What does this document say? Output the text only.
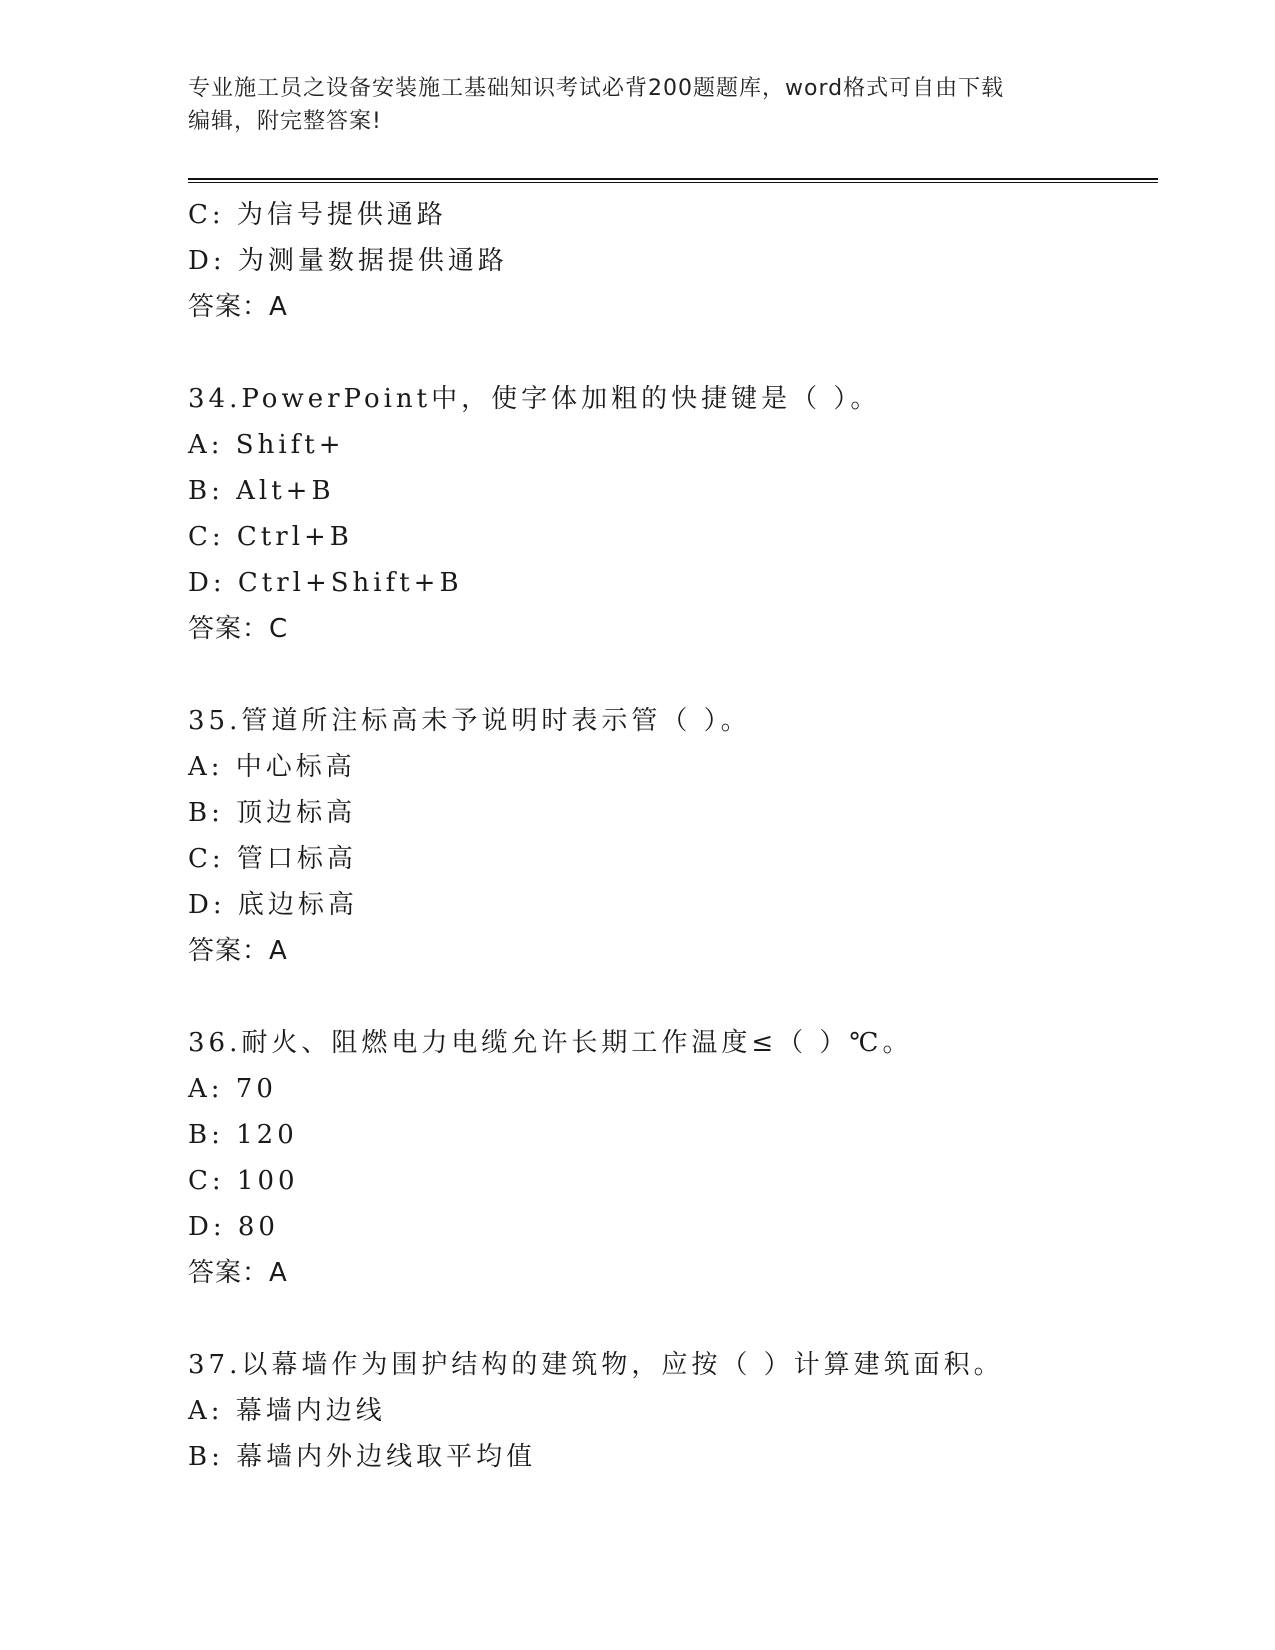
专业施工员之设备安装施工基础知识考试必背200题题库，word格式可自由下载
编辑，附完整答案!
C: 为信号提供通路
D: 为测量数据提供通路
答案：A
34.PowerPoint中，使字体加粗的快捷键是（ ）。
A: Shift+
B: Alt+B
C: Ctrl+B
D: Ctrl+Shift+B
答案：C
35.管道所注标高未予说明时表示管（ ）。
A: 中心标高
B: 顶边标高
C: 管口标高
D: 底边标高
答案：A
36.耐火、阻燃电力电缆允许长期工作温度≤（ ）℃。
A: 70
B: 120
C: 100
D: 80
答案：A
37.以幕墙作为围护结构的建筑物，应按（ ）计算建筑面积。
A: 幕墙内边线
B: 幕墙内外边线取平均值
